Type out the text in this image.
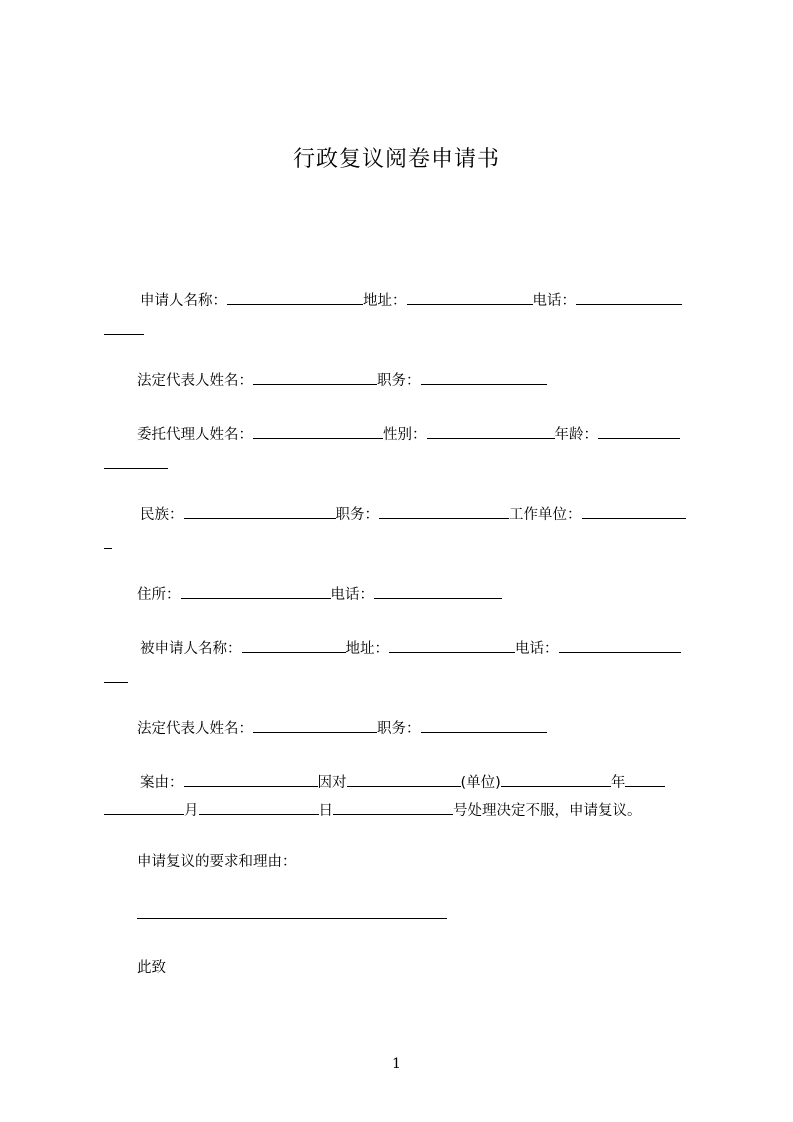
行政复议阅卷申请书
申请人名称：	地址：	电话：
法定代表人姓名：	职务：
委托代理人姓名：	性别：	年龄：
民族：	职务：	工作单位：
住所：	电话：
被申请人名称：	地址：	电话：
法定代表人姓名：	职务：
案由：	因对	(单位)	年
月	日	号处理决定不服，申请复议。
申请复议的要求和理由：
此致
1
